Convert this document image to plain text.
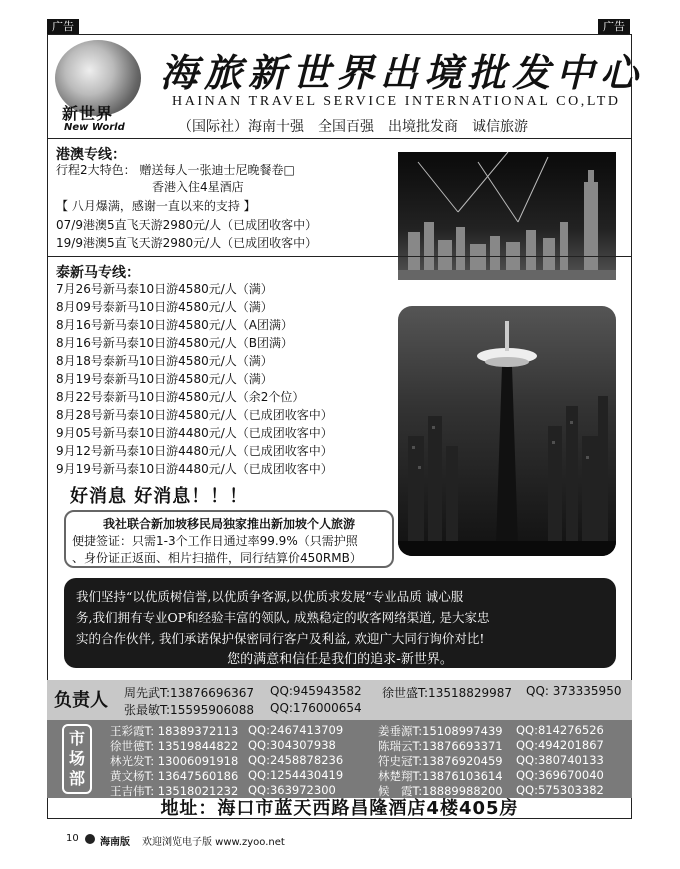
广告	广告
新世界
New World
海旅新世界出境批发中心
HAINAN TRAVEL SERVICE INTERNATIONAL CO,LTD
（国际社）海南十强　全国百强　出境批发商　诚信旅游
港澳专线：
行程2大特色： 赠送每人一张迪士尼晚餐卷□
　　　　　　　　香港入住4星酒店
【 八月爆满，感谢一直以来的支持 】
07/9港澳5直飞天游2980元/人（已成团收客中）
19/9港澳5直飞天游2980元/人（已成团收客中）
泰新马专线：
7月26号新马泰10日游4580元/人（满）
8月09号泰新马10日游4580元/人（满）
8月16号新马泰10日游4580元/人（A团满）
8月16号新马泰10日游4580元/人（B团满）
8月18号泰新马10日游4580元/人（满）
8月19号泰新马10日游4580元/人（满）
8月22号泰新马10日游4580元/人（余2个位）
8月28号新马泰10日游4580元/人（已成团收客中）
9月05号新马泰10日游4480元/人（已成团收客中）
9月12号新马泰10日游4480元/人（已成团收客中）
9月19号新马泰10日游4480元/人（已成团收客中）
好消息 好消息！！！
我社联合新加坡移民局独家推出新加坡个人旅游
便捷签证：只需1-3个工作日通过率99.9%（只需护照
、身份证正返面、相片扫描件，同行结算价450RMB）
我们坚持“以优质树信誉,以优质争客源,以优质求发展”专业品质 诚心服
务,我们拥有专业OP和经验丰富的领队, 成熟稳定的收客网络渠道, 是大家忠
实的合作伙伴, 我们承诺保护保密同行客户及利益, 欢迎广大同行询价对比!
您的满意和信任是我们的追求-新世界。
负责人 周先武T:13876696367 QQ:945943582 徐世盛T:13518829987 QQ: 373335950
张最敏T:15595906088 QQ:176000654
市场部
王彩霞T: 18389372113 QQ:2467413709	姜垂源T:15108997439 QQ:814276526
徐世德T: 13519844822 QQ:304307938	陈瑞云T:13876693371 QQ:494201867
林光发T: 13006091918 QQ:2458878236	符史冠T:13876920459 QQ:380740133
黄文杨T: 13647560186 QQ:1254430419	林楚翔T:13876103614 QQ:369670040
王吉伟T: 13518021232 QQ:363972300	候　霞T:18889988200 QQ:575303382
地址：海口市蓝天西路昌隆酒店4楼405房
10 海南版 欢迎浏览电子版 www.zyoo.net
